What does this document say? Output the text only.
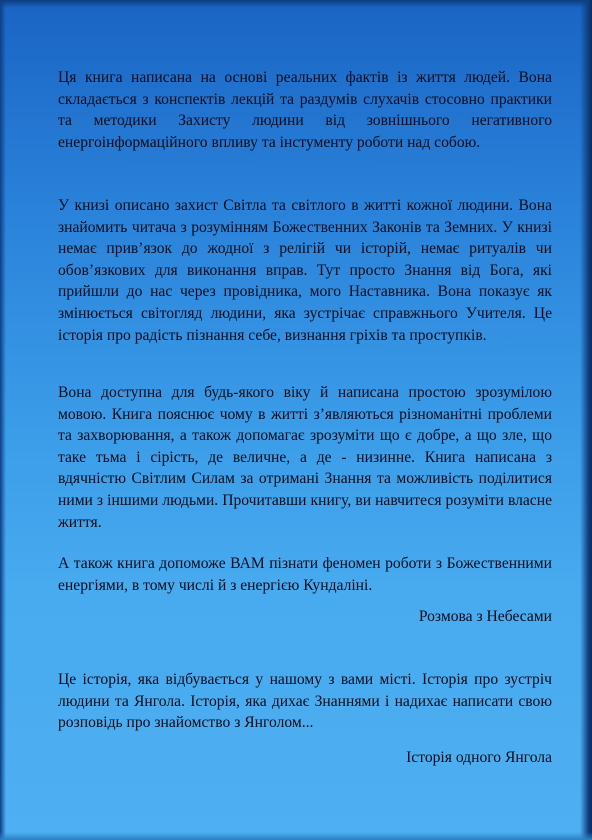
Ця книга написана на основі реальних фактів із життя людей. Вона складається з конспектів лекцій та раздумів слухачів стосовно практики та методики Захисту людини від зовнішнього негативного енергоінформаційного впливу та інстументу роботи над собою.

У книзі описано захист Світла та світлого в житті кожної людини. Вона знайомить читача з розумінням Божественних Законів та Земних. У книзі немає прив’язок до жодної з релігій чи історій, немає ритуалів чи обов’язкових для виконання вправ. Тут просто Знання від Бога, які прийшли до нас через провідника, мого Наставника. Вона показує як змінюється світогляд людини, яка зустрічає справжнього Учителя. Це історія про радість пізнання себе, визнання гріхів та проступків.

Вона доступна для будь-якого віку й написана простою зрозумілою мовою. Книга пояснює чому в житті з’являються різноманітні проблеми та захворювання, а також допомагає зрозуміти що є добре, а що зле, що таке тьма і сірість, де величне, а де - низинне. Книга написана з вдячністю Світлим Силам за отримані Знання та можливість поділитися ними з іншими людьми. Прочитавши книгу, ви навчитеся розуміти власне життя.

А також книга допоможе ВАМ пізнати феномен роботи з Божественними енергіями, в тому числі й з енергією Кундаліні.

Розмова з Небесами

Це історія, яка відбувається у нашому з вами місті. Історія про зустріч людини та Янгола. Історія, яка дихає Знаннями і надихає написати свою розповідь про знайомство з Янголом...

Історія одного Янгола
